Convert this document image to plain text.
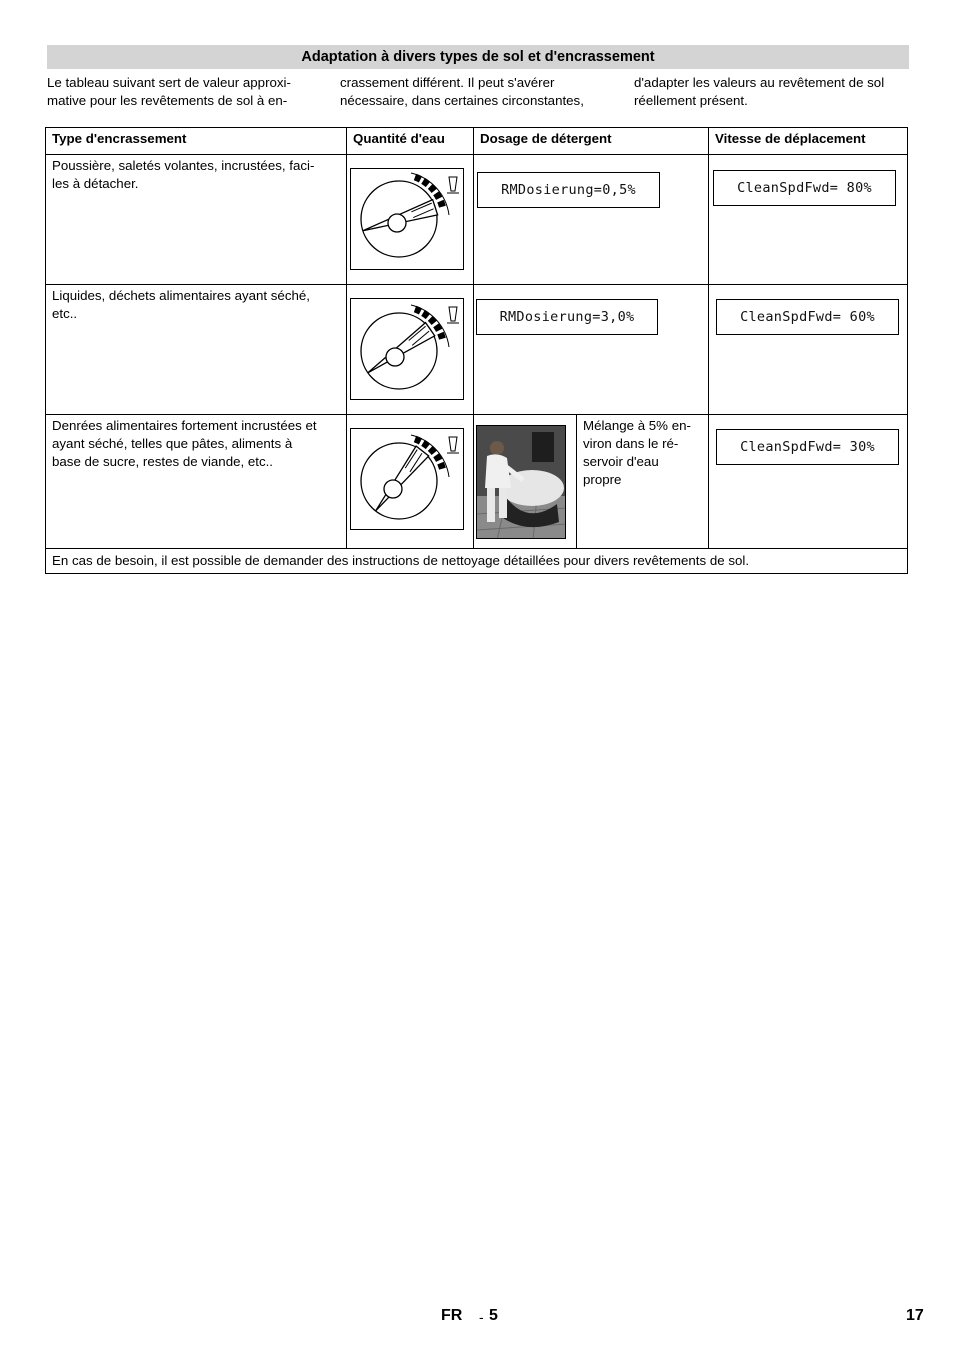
Adaptation à divers types de sol et d'encrassement
Le tableau suivant sert de valeur approxi-
mative pour les revêtements de sol à en-
crassement différent. Il peut s'avérer
nécessaire, dans certaines circonstantes,
d'adapter les valeurs au revêtement de sol
réellement présent.
Type d'encrassement	Quantité d'eau	Dosage de détergent	Vitesse de déplacement

Poussière, saletés volantes, incrustées, faci-
les à détacher.		RMDosierung=0,5%	CleanSpdFwd= 80%

Liquides, déchets alimentaires ayant séché,
etc..		RMDosierung=3,0%	CleanSpdFwd= 60%

Denrées alimentaires fortement incrustées et
ayant séché, telles que pâtes, aliments à
base de sucre, restes de viande, etc..		Mélange à 5% en-
viron dans le ré-
servoir d'eau
propre	CleanSpdFwd= 30%

En cas de besoin, il est possible de demander des instructions de nettoyage détaillées pour divers revêtements de sol.			
FR - 5	17
